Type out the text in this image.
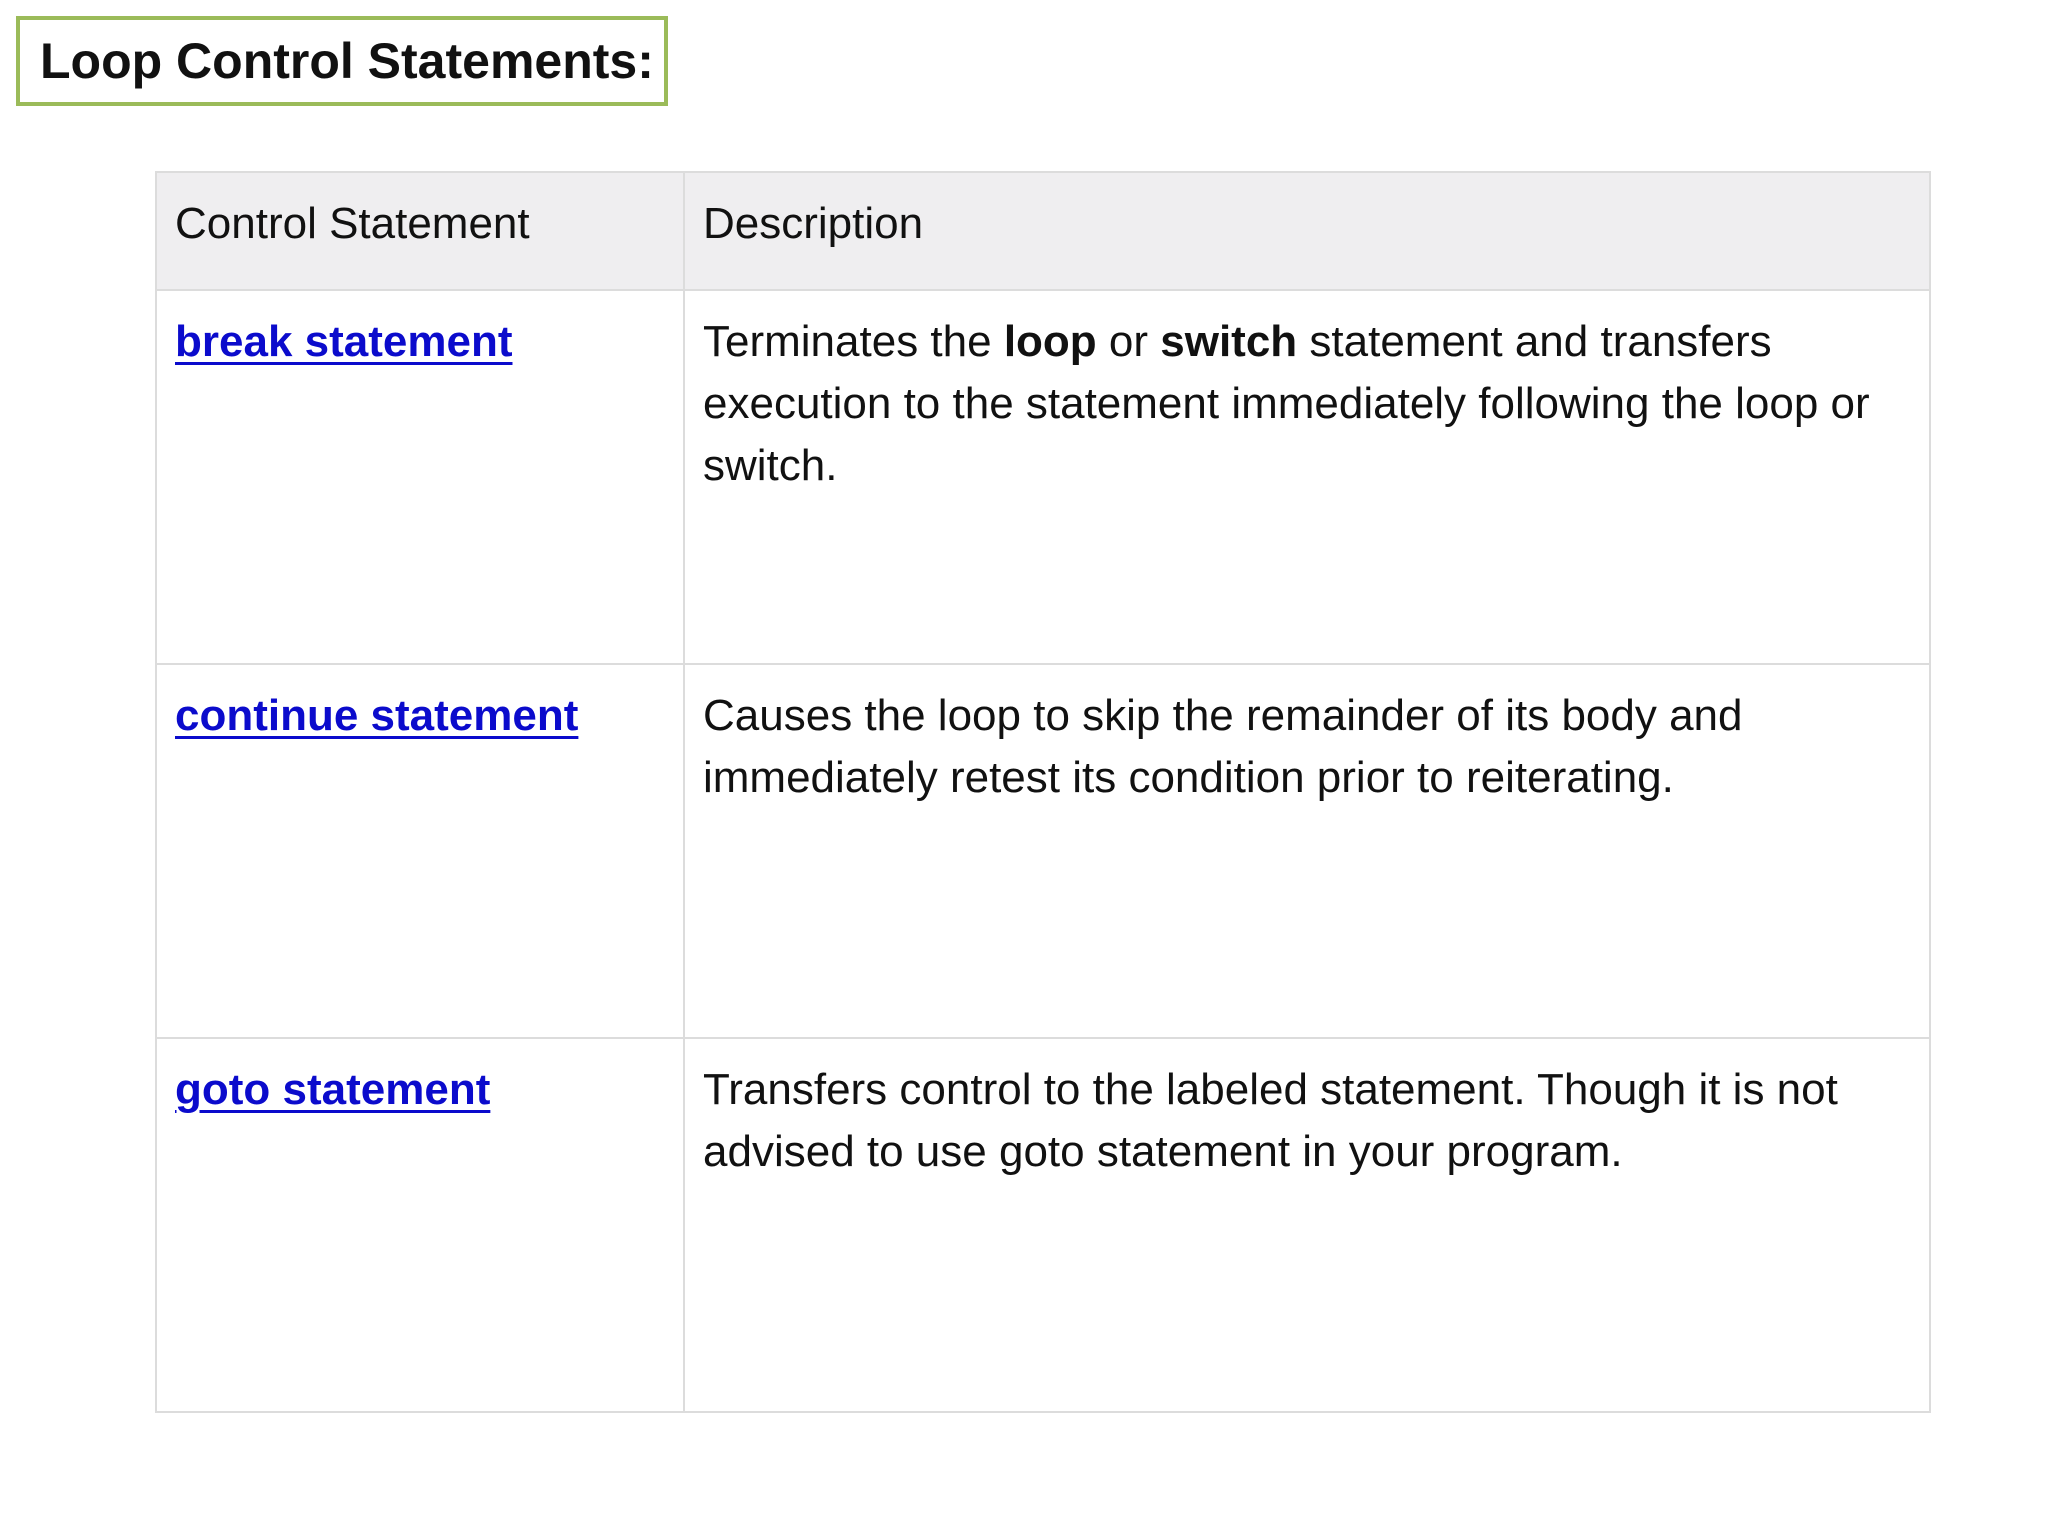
Loop Control Statements:
Control Statement	Description
break statement	Terminates the loop or switch statement and transfers execution to the statement immediately following the loop or switch.
continue statement	Causes the loop to skip the remainder of its body and immediately retest its condition prior to reiterating.
goto statement	Transfers control to the labeled statement. Though it is not advised to use goto statement in your program.
